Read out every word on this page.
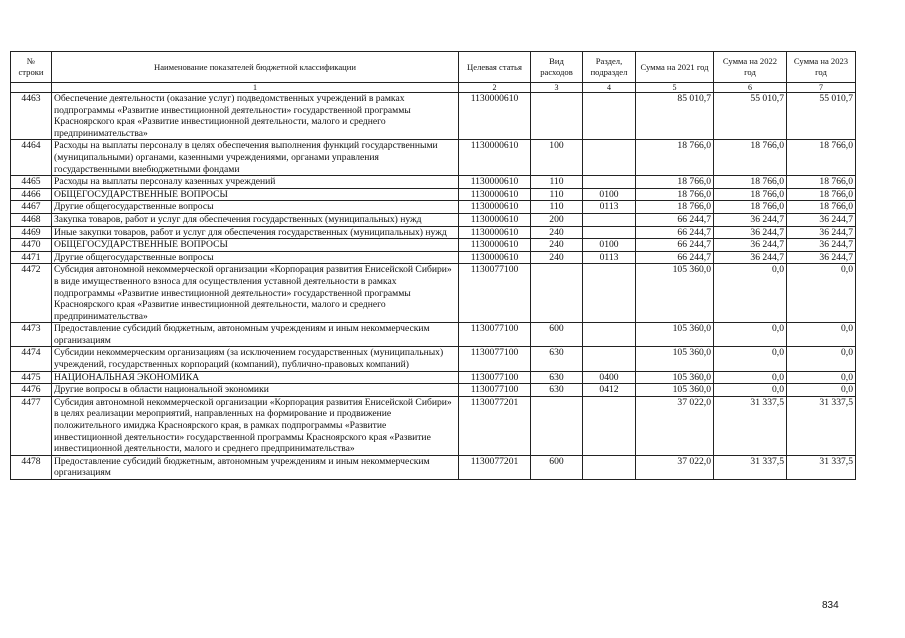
№
строки	Наименование показателей бюджетной классификации	Целевая статья	Вид расходов	Раздел, подраздел	Сумма на 2021 год	Сумма на 2022 год	Сумма на 2023 год
	1	2	3	4	5	6	7
4463	Обеспечение деятельности (оказание услуг) подведомственных учреждений в рамках подпрограммы «Развитие инвестиционной деятельности» государственной программы Красноярского края «Развитие инвестиционной деятельности, малого и среднего предпринимательства»	1130000610			85 010,7	55 010,7	55 010,7
4464	Расходы на выплаты персоналу в целях обеспечения выполнения функций государственными (муниципальными) органами, казенными учреждениями, органами управления государственными внебюджетными фондами	1130000610	100		18 766,0	18 766,0	18 766,0
4465	Расходы на выплаты персоналу казенных учреждений	1130000610	110		18 766,0	18 766,0	18 766,0
4466	ОБЩЕГОСУДАРСТВЕННЫЕ ВОПРОСЫ	1130000610	110	0100	18 766,0	18 766,0	18 766,0
4467	Другие общегосударственные вопросы	1130000610	110	0113	18 766,0	18 766,0	18 766,0
4468	Закупка товаров, работ и услуг для обеспечения государственных (муниципальных) нужд	1130000610	200		66 244,7	36 244,7	36 244,7
4469	Иные закупки товаров, работ и услуг для обеспечения государственных (муниципальных) нужд	1130000610	240		66 244,7	36 244,7	36 244,7
4470	ОБЩЕГОСУДАРСТВЕННЫЕ ВОПРОСЫ	1130000610	240	0100	66 244,7	36 244,7	36 244,7
4471	Другие общегосударственные вопросы	1130000610	240	0113	66 244,7	36 244,7	36 244,7
4472	Субсидия автономной некоммерческой организации «Корпорация развития Енисейской Сибири» в виде имущественного взноса для осуществления уставной деятельности в рамках подпрограммы «Развитие инвестиционной деятельности» государственной программы Красноярского края «Развитие инвестиционной деятельности, малого и среднего предпринимательства»	1130077100			105 360,0	0,0	0,0
4473	Предоставление субсидий бюджетным, автономным учреждениям и иным некоммерческим организациям	1130077100	600		105 360,0	0,0	0,0
4474	Субсидии некоммерческим организациям (за исключением государственных (муниципальных) учреждений, государственных корпораций (компаний), публично-правовых компаний)	1130077100	630		105 360,0	0,0	0,0
4475	НАЦИОНАЛЬНАЯ ЭКОНОМИКА	1130077100	630	0400	105 360,0	0,0	0,0
4476	Другие вопросы в области национальной экономики	1130077100	630	0412	105 360,0	0,0	0,0
4477	Субсидия автономной некоммерческой организации «Корпорация развития Енисейской Сибири» в целях реализации мероприятий, направленных на формирование и продвижение положительного имиджа Красноярского края, в рамках подпрограммы «Развитие инвестиционной деятельности» государственной программы Красноярского края «Развитие инвестиционной деятельности, малого и среднего предпринимательства»	1130077201			37 022,0	31 337,5	31 337,5
4478	Предоставление субсидий бюджетным, автономным учреждениям и иным некоммерческим организациям	1130077201	600		37 022,0	31 337,5	31 337,5
834
